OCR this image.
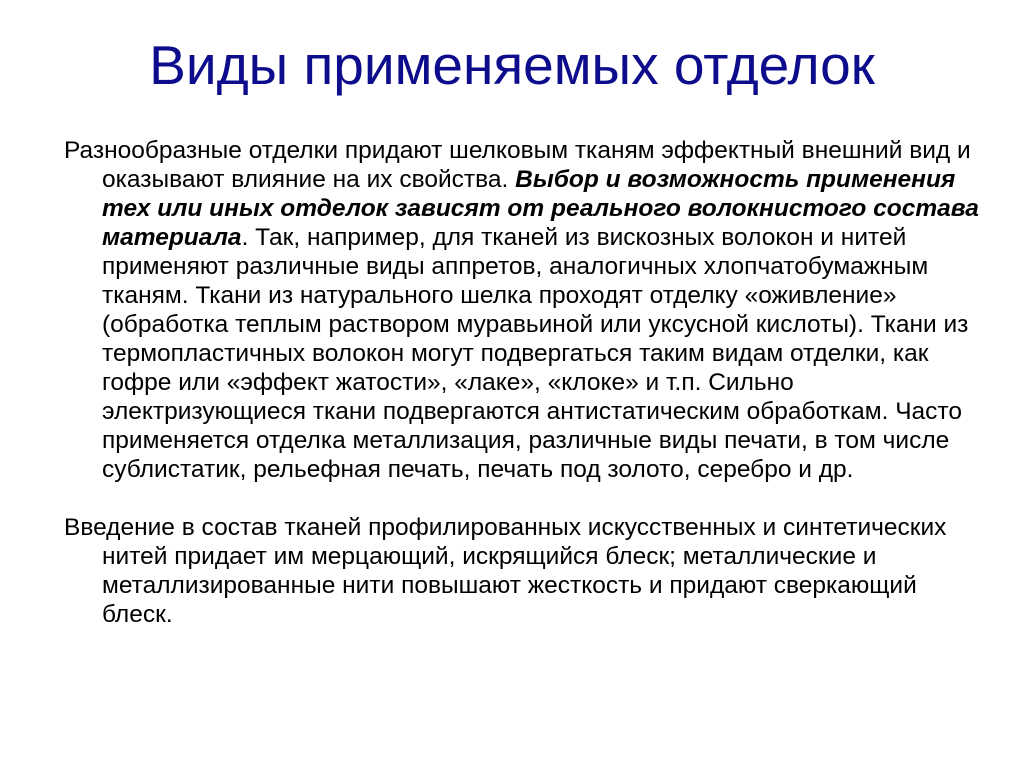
Виды применяемых отделок

Разнообразные отделки придают шелковым тканям эффектный внешний вид и оказывают влияние на их свойства. Выбор и возможность применения тех или иных отделок зависят от реального волокнистого состава материала. Так, например, для тканей из вискозных волокон и нитей применяют различные виды аппретов, аналогичных хлопчатобумажным тканям. Ткани из натурального шелка проходят отделку «оживление» (обработка теплым раствором муравьиной или уксусной кислоты). Ткани из термопластичных волокон могут подвергаться таким видам отделки, как гофре или «эффект жатости», «лаке», «клоке» и т.п. Сильно электризующиеся ткани подвергаются антистатическим обработкам. Часто применяется отделка металлизация, различные виды печати, в том числе сублистатик, рельефная печать, печать под золото, серебро и др.

Введение в состав тканей профилированных искусственных и синтетических нитей придает им мерцающий, искрящийся блеск; металлические и металлизированные нити повышают жесткость и придают сверкающий блеск.
